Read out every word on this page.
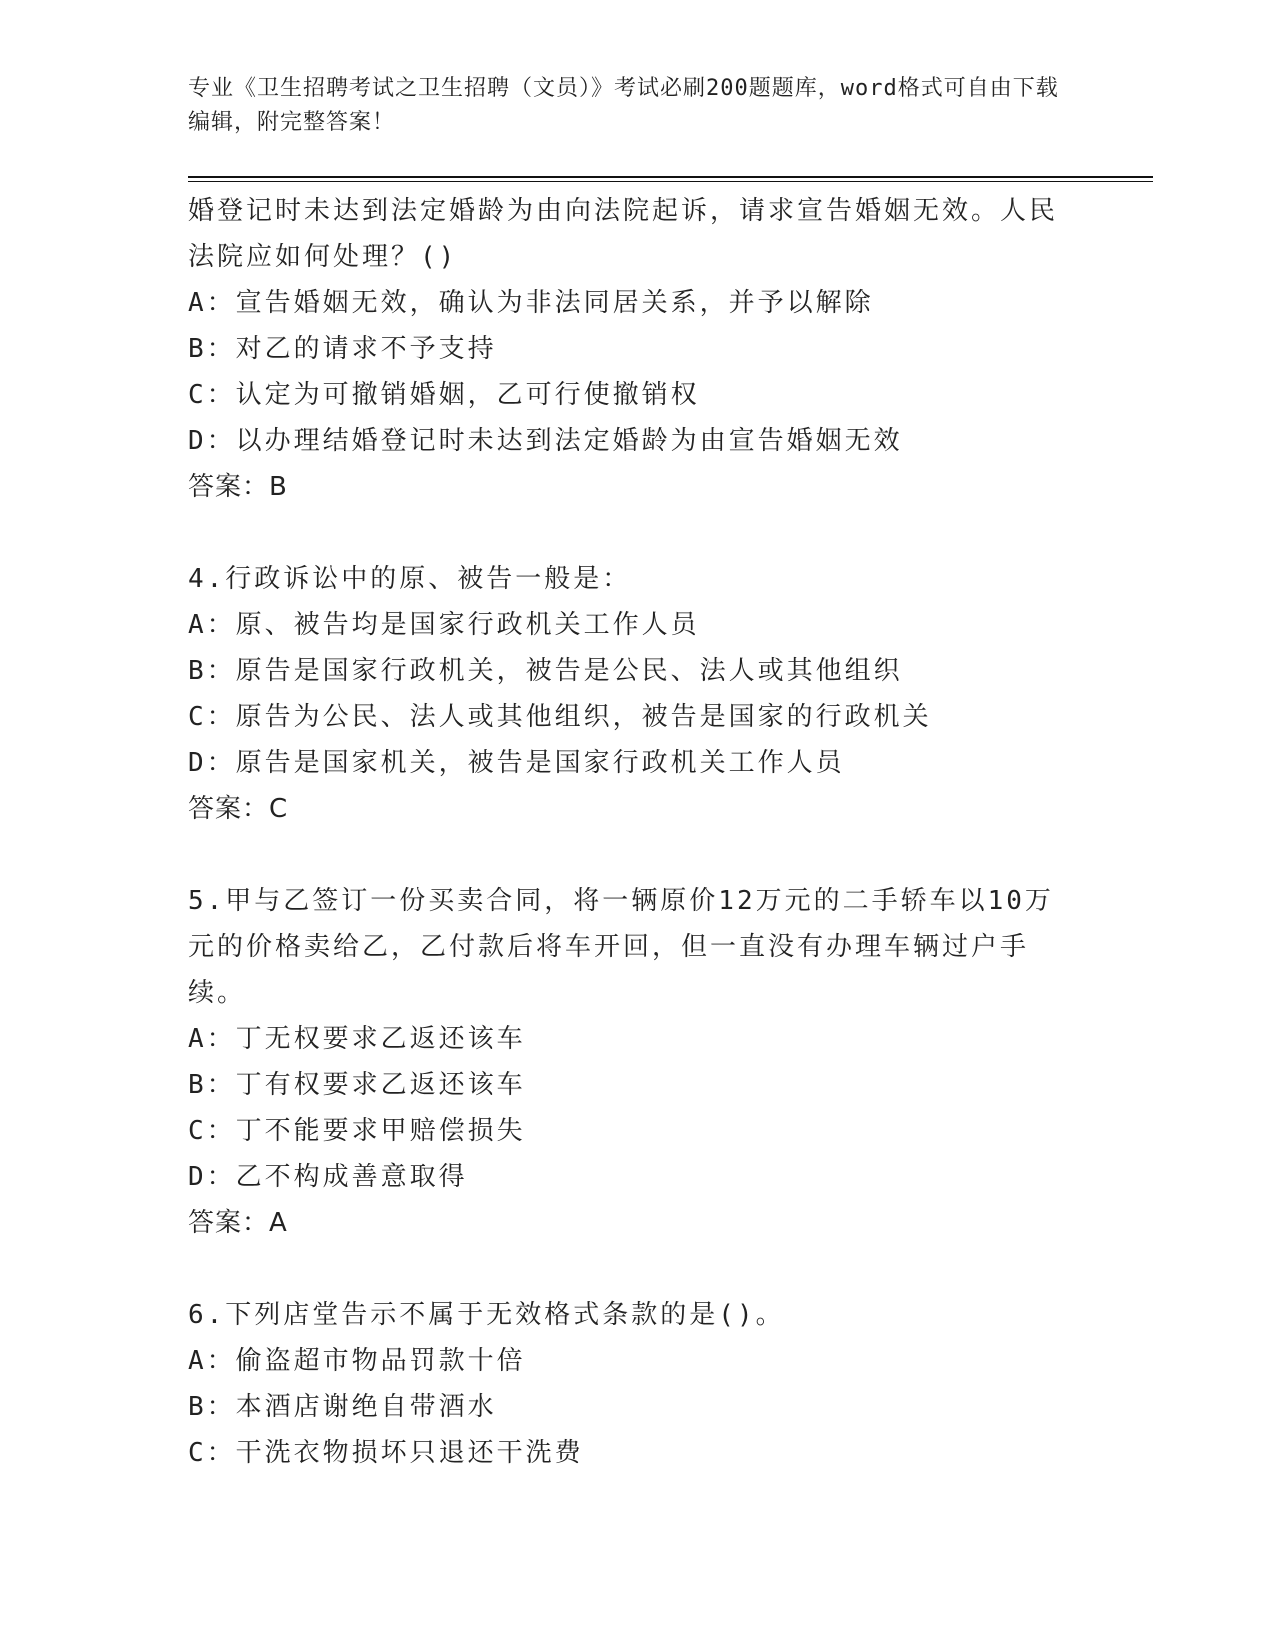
专业《卫生招聘考试之卫生招聘（文员）》考试必刷200题题库，word格式可自由下载编辑，附完整答案！
婚登记时未达到法定婚龄为由向法院起诉，请求宣告婚姻无效。人民法院应如何处理？()
A：宣告婚姻无效，确认为非法同居关系，并予以解除
B：对乙的请求不予支持
C：认定为可撤销婚姻，乙可行使撤销权
D：以办理结婚登记时未达到法定婚龄为由宣告婚姻无效
答案：B
4.行政诉讼中的原、被告一般是：
A：原、被告均是国家行政机关工作人员
B：原告是国家行政机关，被告是公民、法人或其他组织
C：原告为公民、法人或其他组织，被告是国家的行政机关
D：原告是国家机关，被告是国家行政机关工作人员
答案：C
5.甲与乙签订一份买卖合同，将一辆原价12万元的二手轿车以10万元的价格卖给乙，乙付款后将车开回，但一直没有办理车辆过户手续。
A：丁无权要求乙返还该车
B：丁有权要求乙返还该车
C：丁不能要求甲赔偿损失
D：乙不构成善意取得
答案：A
6.下列店堂告示不属于无效格式条款的是()。
A：偷盗超市物品罚款十倍
B：本酒店谢绝自带酒水
C：干洗衣物损坏只退还干洗费
